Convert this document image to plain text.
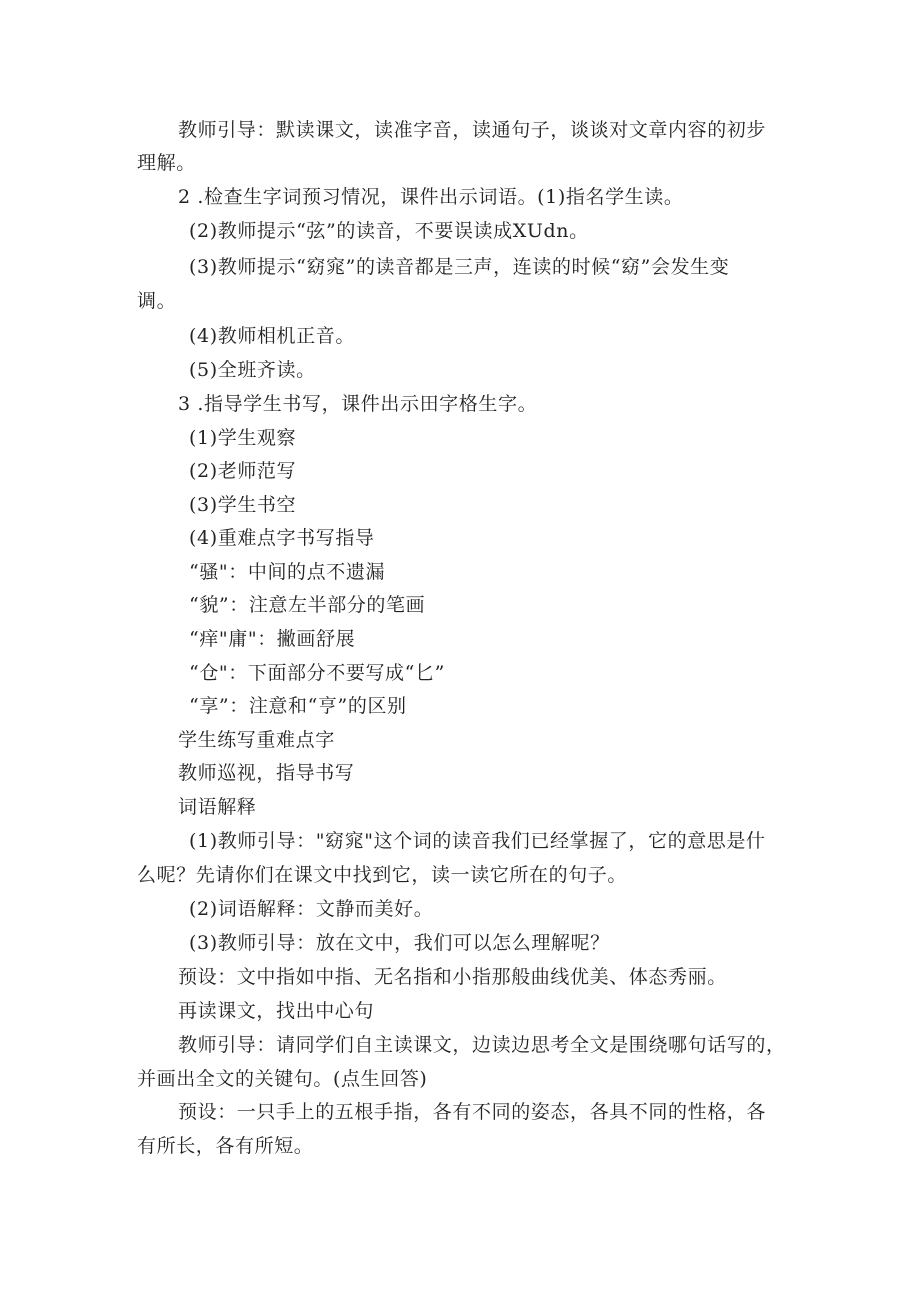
教师引导：默读课文，读准字音，读通句子，谈谈对文章内容的初步
理解。
2 .检查生字词预习情况，课件出示词语。(1)指名学生读。
(2)教师提示“弦”的读音，不要误读成XUdn。
(3)教师提示“窈窕”的读音都是三声，连读的时候“窈”会发生变
调。
(4)教师相机正音。
(5)全班齐读。
3 .指导学生书写，课件出示田字格生字。
(1)学生观察
(2)老师范写
(3)学生书空
(4)重难点字书写指导
“骚"：中间的点不遗漏
“貌”：注意左半部分的笔画
“痒"庸"：撇画舒展
“仓"：下面部分不要写成“匕”
“享”：注意和“亨”的区别
学生练写重难点字
教师巡视，指导书写
词语解释
(1)教师引导："窈窕"这个词的读音我们已经掌握了，它的意思是什
么呢？先请你们在课文中找到它，读一读它所在的句子。
(2)词语解释：文静而美好。
(3)教师引导：放在文中，我们可以怎么理解呢？
预设：文中指如中指、无名指和小指那般曲线优美、体态秀丽。
再读课文，找出中心句
教师引导：请同学们自主读课文，边读边思考全文是围绕哪句话写的，
并画出全文的关键句。(点生回答)
预设：一只手上的五根手指，各有不同的姿态，各具不同的性格，各
有所长，各有所短。
